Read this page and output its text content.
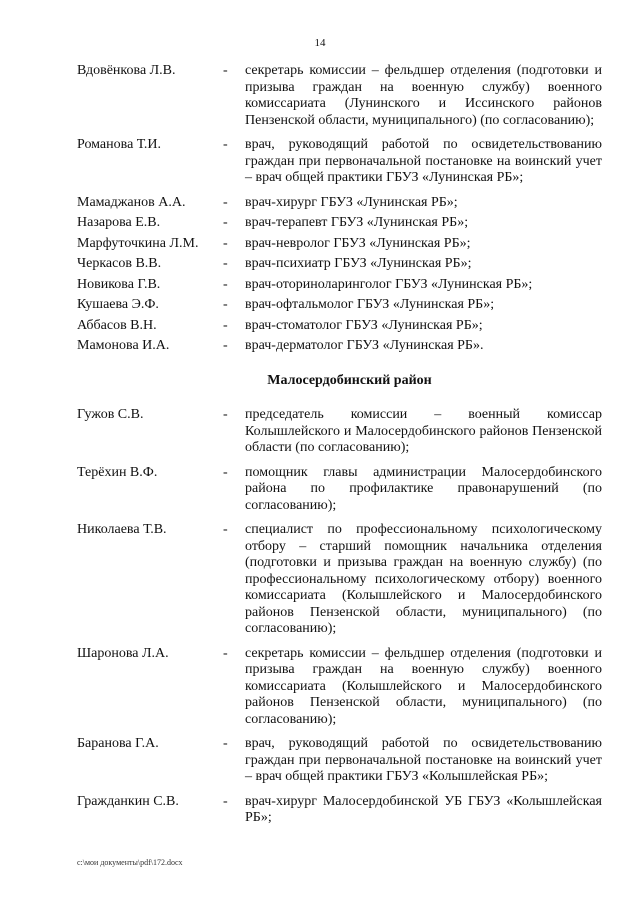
14
Вдовёнкова Л.В.	-	секретарь комиссии – фельдшер отделения (подготовки и призыва граждан на военную службу) военного комиссариата (Лунинского и Иссинского районов Пензенской области, муниципального) (по согласованию);
Романова Т.И.	-	врач, руководящий работой по освидетельствованию граждан при первоначальной постановке на воинский учет – врач общей практики ГБУЗ «Лунинская РБ»;
Мамаджанов А.А.	-	врач-хирург ГБУЗ «Лунинская РБ»;
Назарова Е.В.	-	врач-терапевт ГБУЗ «Лунинская РБ»;
Марфуточкина Л.М.	-	врач-невролог ГБУЗ «Лунинская РБ»;
Черкасов В.В.	-	врач-психиатр ГБУЗ «Лунинская РБ»;
Новикова Г.В.	-	врач-оториноларинголог ГБУЗ «Лунинская РБ»;
Кушаева Э.Ф.	-	врач-офтальмолог ГБУЗ «Лунинская РБ»;
Аббасов В.Н.	-	врач-стоматолог ГБУЗ «Лунинская РБ»;
Мамонова И.А.	-	врач-дерматолог ГБУЗ «Лунинская РБ».
Малосердобинский район
Гужов С.В.	-	председатель комиссии – военный комиссар Колышлейского и Малосердобинского районов Пензенской области (по согласованию);
Терёхин В.Ф.	-	помощник главы администрации Малосердобинского района по профилактике правонарушений (по согласованию);
Николаева Т.В.	-	специалист по профессиональному психологическому отбору – старший помощник начальника отделения (подготовки и призыва граждан на военную службу) (по профессиональному психологическому отбору) военного комиссариата (Колышлейского и Малосердобинского районов Пензенской области, муниципального) (по согласованию);
Шаронова Л.А.	-	секретарь комиссии – фельдшер отделения (подготовки и призыва граждан на военную службу) военного комиссариата (Колышлейского и Малосердобинского районов Пензенской области, муниципального) (по согласованию);
Баранова Г.А.	-	врач, руководящий работой по освидетельствованию граждан при первоначальной постановке на воинский учет – врач общей практики ГБУЗ «Колышлейская РБ»;
Гражданкин С.В.	-	врач-хирург Малосердобинской УБ ГБУЗ «Колышлейская РБ»;
c:\мои документы\pdf\172.docx
